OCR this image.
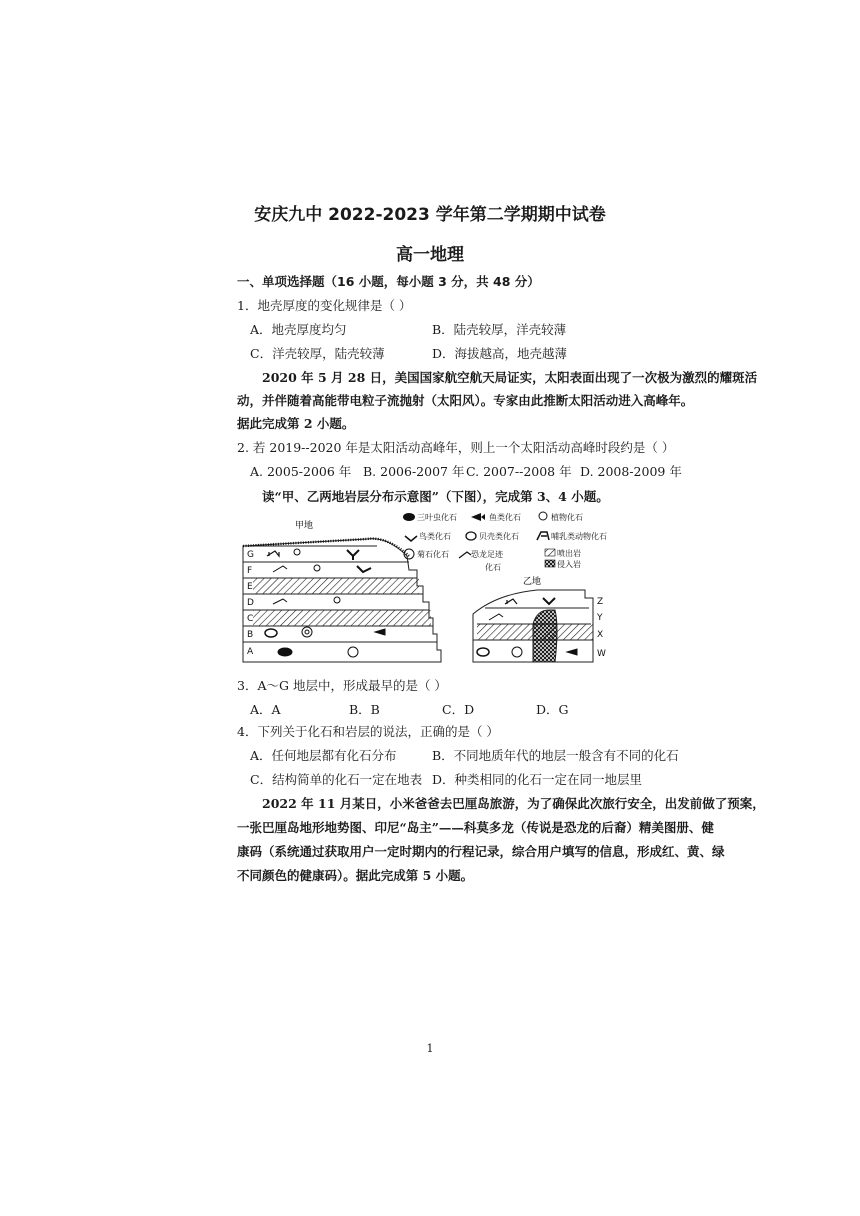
安庆九中 2022-2023 学年第二学期期中试卷
高一地理
一、单项选择题（16 小题，每小题 3 分，共 48 分）
1．地壳厚度的变化规律是（ ）
A．地壳厚度均匀	B．陆壳较厚，洋壳较薄
C．洋壳较厚，陆壳较薄	D．海拔越高，地壳越薄
2020 年 5 月 28 日，美国国家航空航天局证实，太阳表面出现了一次极为激烈的耀斑活
动，并伴随着高能带电粒子流抛射（太阳风）。专家由此推断太阳活动进入高峰年。
据此完成第 2 小题。
2. 若 2019--2020 年是太阳活动高峰年，则上一个太阳活动高峰时段约是（ ）
A. 2005-2006 年 B. 2006-2007 年 C. 2007--2008 年 D. 2008-2009 年
读“甲、乙两地岩层分布示意图”（下图），完成第 3、4 小题。
甲地
G
F
E
D
C
B
A
乙地
Z
Y
X
W
三叶虫化石	鱼类化石	植物化石
鸟类化石	贝壳类化石	哺乳类动物化石
菊石化石	恐龙足迹
化石
喷出岩
侵入岩
3．A～G 地层中，形成最早的是（ ）
A．A	B．B	C．D	D．G
4．下列关于化石和岩层的说法，正确的是（ ）
A．任何地层都有化石分布	B．不同地质年代的地层一般含有不同的化石
C．结构简单的化石一定在地表 D．种类相同的化石一定在同一地层里
2022 年 11 月某日，小米爸爸去巴厘岛旅游，为了确保此次旅行安全，出发前做了预案，
一张巴厘岛地形地势图、印尼“岛主”——科莫多龙（传说是恐龙的后裔）精美图册、健
康码（系统通过获取用户一定时期内的行程记录，综合用户填写的信息，形成红、黄、绿
不同颜色的健康码）。据此完成第 5 小题。
1
